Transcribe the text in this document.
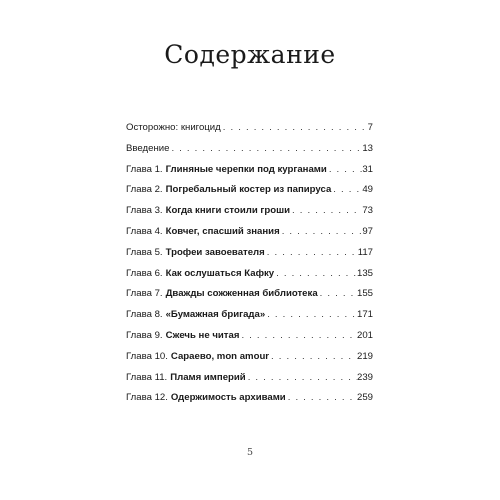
Содержание
Осторожно: книгоцид . . .	7
Введение . . .	13
Глава 1. Глиняные черепки под курганами . . .	31
Глава 2. Погребальный костер из папируса . . .	49
Глава 3. Когда книги стоили гроши . . .	73
Глава 4. Ковчег, спасший знания . . .	97
Глава 5. Трофеи завоевателя . . .	117
Глава 6. Как ослушаться Кафку . . .	135
Глава 7. Дважды сожженная библиотека . . .	155
Глава 8. «Бумажная бригада» . . .	171
Глава 9. Сжечь не читая . . .	201
Глава 10. Сараево, mon amour . . .	219
Глава 11. Пламя империй . . .	239
Глава 12. Одержимость архивами . . .	259
5
